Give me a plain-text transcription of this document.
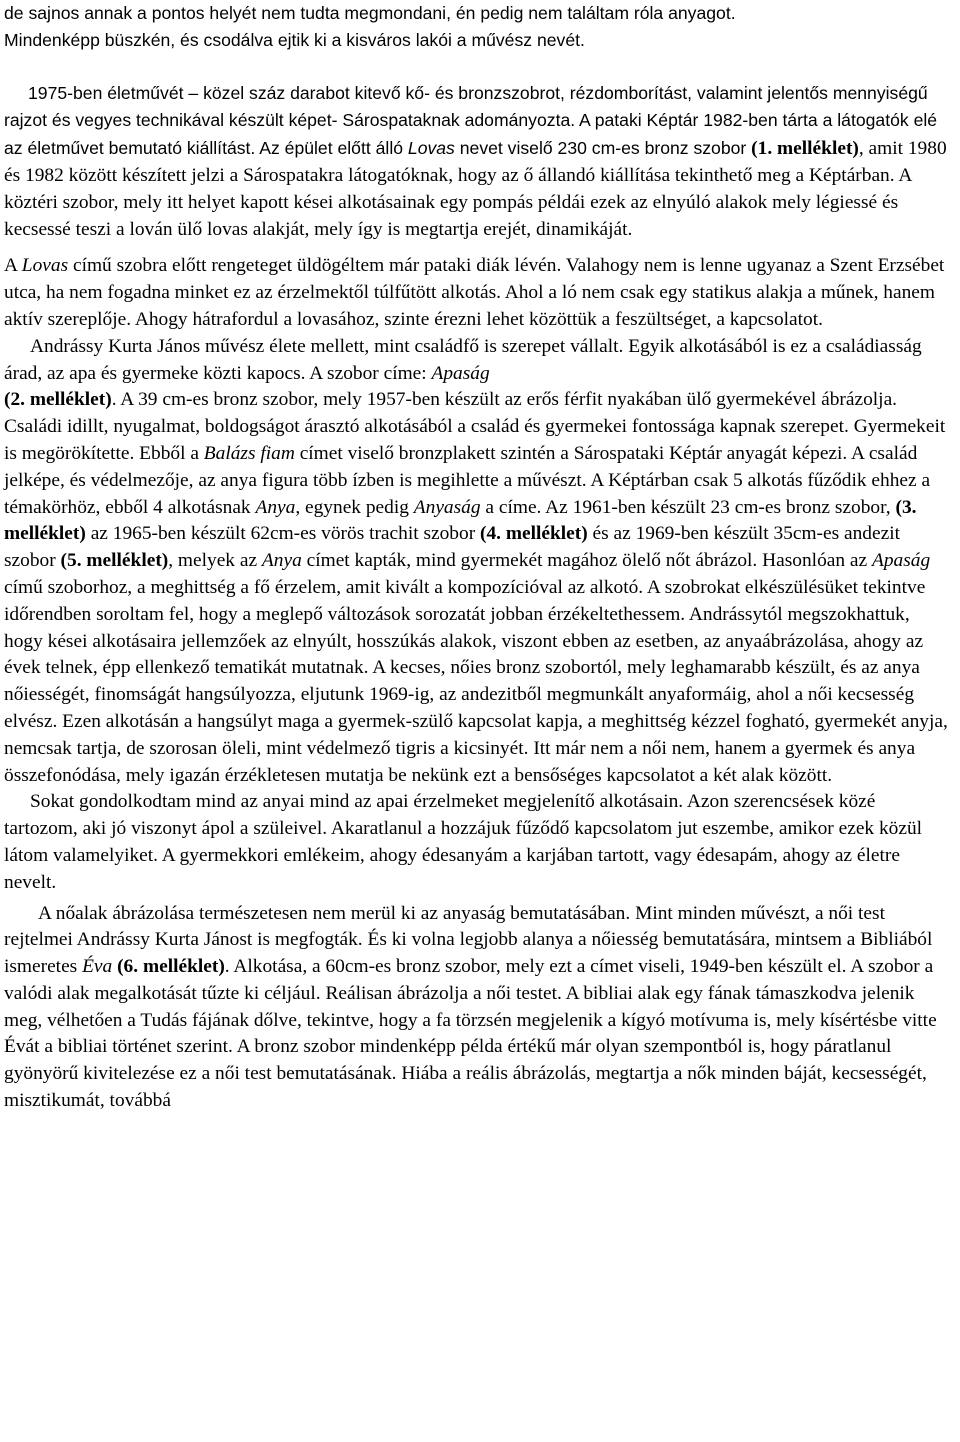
de sajnos annak a pontos helyét nem tudta megmondani, én pedig nem találtam róla anyagot.
Mindenképp büszkén, és csodálva ejtik ki a kisváros lakói a művész nevét.

1975-ben életművét – közel száz darabot kitevő kő- és bronzszobrot, rézdomborítást, valamint jelentős mennyiségű rajzot és vegyes technikával készült képet- Sárospataknak adományozta. A pataki Képtár 1982-ben tárta a látogatók elé az életművet bemutató kiállítást. Az épület előtt álló Lovas nevet viselő 230 cm-es bronz szobor (1. melléklet), amit 1980 és 1982 között készített jelzi a Sárospatakra látogatóknak, hogy az ő állandó kiállítása tekinthető meg a Képtárban. A köztéri szobor, mely itt helyet kapott kései alkotásainak egy pompás példái ezek az elnyúló alakok mely légiessé és kecsessé teszi a lován ülő lovas alakját, mely így is megtartja erejét, dinamikáját.

A Lovas című szobra előtt rengeteget üldögéltem már pataki diák lévén. Valahogy nem is lenne ugyanaz a Szent Erzsébet utca, ha nem fogadna minket ez az érzelmektől túlfűtött alkotás. Ahol a ló nem csak egy statikus alakja a műnek, hanem aktív szereplője. Ahogy hátrafordul a lovasához, szinte érezni lehet közöttük a feszültséget, a kapcsolatot.

Andrássy Kurta János művész élete mellett, mint családfő is szerepet vállalt. Egyik alkotásából is ez a családiasság árad, az apa és gyermeke közti kapocs. A szobor címe: Apaság
(2. melléklet). A 39 cm-es bronz szobor, mely 1957-ben készült az erős férfit nyakában ülő gyermekével ábrázolja. Családi idillt, nyugalmat, boldogságot árasztó alkotásából a család és gyermekei fontossága kapnak szerepet. Gyermekeit is megörökítette. Ebből a Balázs fiam címet viselő bronzplakett szintén a Sárospataki Képtár anyagát képezi. A család jelképe, és védelmezője, az anya figura több ízben is megihlette a művészt. A Képtárban csak 5 alkotás fűződik ehhez a témakörhöz, ebből 4 alkotásnak Anya, egynek pedig Anyaság a címe. Az 1961-ben készült 23 cm-es bronz szobor, (3. melléklet) az 1965-ben készült 62cm-es vörös trachit szobor (4. melléklet) és az 1969-ben készült 35cm-es andezit szobor (5. melléklet), melyek az Anya címet kapták, mind gyermekét magához ölelő nőt ábrázol. Hasonlóan az Apaság című szoborhoz, a meghittség a fő érzelem, amit kivált a kompozícióval az alkotó. A szobrokat elkészülésüket tekintve időrendben soroltam fel, hogy a meglepő változások sorozatát jobban érzékeltethessem. Andrássytól megszokhattuk, hogy kései alkotásaira jellemzőek az elnyúlt, hosszúkás alakok, viszont ebben az esetben, az anyaábrázolása, ahogy az évek telnek, épp ellenkező tematikát mutatnak. A kecses, nőies bronz szobortól, mely leghamarabb készült, és az anya nőiességét, finomságát hangsúlyozza, eljutunk 1969-ig, az andezitből megmunkált anyaformáig, ahol a női kecsesség elvész. Ezen alkotásán a hangsúlyt maga a gyermek-szülő kapcsolat kapja, a meghittség kézzel fogható, gyermekét anyja, nemcsak tartja, de szorosan öleli, mint védelmező tigris a kicsinyét. Itt már nem a női nem, hanem a gyermek és anya összefonódása, mely igazán érzékletesen mutatja be nekünk ezt a bensőséges kapcsolatot a két alak között.

Sokat gondolkodtam mind az anyai mind az apai érzelmeket megjelenítő alkotásain. Azon szerencsések közé tartozom, aki jó viszonyt ápol a szüleivel. Akaratlanul a hozzájuk fűződő kapcsolatom jut eszembe, amikor ezek közül látom valamelyiket. A gyermekkori emlékeim, ahogy édesanyám a karjában tartott, vagy édesapám, ahogy az életre nevelt.

A nőalak ábrázolása természetesen nem merül ki az anyaság bemutatásában. Mint minden művészt, a női test rejtelmei Andrássy Kurta Jánost is megfogták. És ki volna legjobb alanya a nőiesség bemutatására, mintsem a Bibliából ismeretes Éva (6. melléklet). Alkotása, a 60cm-es bronz szobor, mely ezt a címet viseli, 1949-ben készült el. A szobor a valódi alak megalkotását tűzte ki céljául. Reálisan ábrázolja a női testet. A bibliai alak egy fának támaszkodva jelenik meg, vélhetően a Tudás fájának dőlve, tekintve, hogy a fa törzsén megjelenik a kígyó motívuma is, mely kísértésbe vitte Évát a bibliai történet szerint. A bronz szobor mindenképp példa értékű már olyan szempontból is, hogy páratlanul gyönyörű kivitelezése ez a női test bemutatásának. Hiába a reális ábrázolás, megtartja a nők minden báját, kecsességét, misztikumát, továbbá
